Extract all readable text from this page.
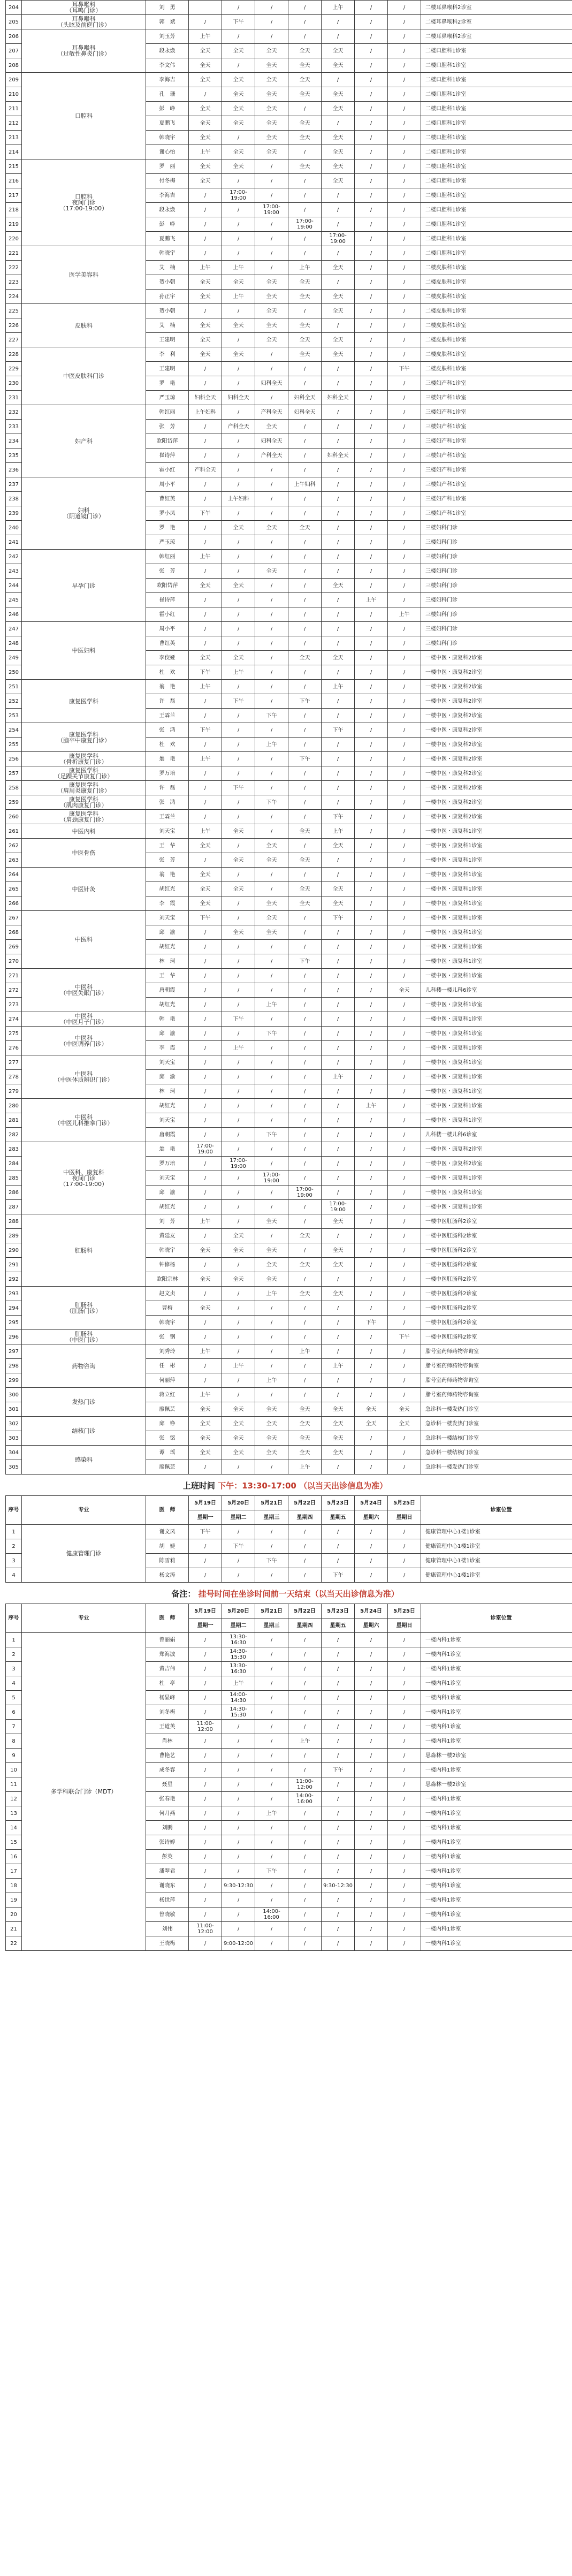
204	耳鼻喉科
（耳鸣门诊）	刘　勇		/	/	/	上午	/	/	二楼耳鼻喉科2诊室
205	耳鼻喉科
（头眩及前庭门诊）	郭　斌	/	下午	/	/	/	/	/	二楼耳鼻喉科2诊室
206	耳鼻喉科
（过敏性鼻炎门诊）	刘玉芳	上午	/	/	/	/	/	/	二楼耳鼻喉科2诊室
207		段永焕	全天	全天	全天	全天	全天	/	/	二楼口腔科1诊室
208		李文伟	全天	/	全天	全天	全天	/	/	二楼口腔科1诊室
209	口腔科	李海吉	全天	全天	全天	全天	/	/	/	二楼口腔科1诊室
210		孔　珊	/	全天	全天	全天	全天	/	/	二楼口腔科1诊室
211		彭　峥	全天	全天	全天	/	全天	/	/	二楼口腔科1诊室
212		夏鹏飞	全天	全天	全天	全天	/	/	/	二楼口腔科1诊室
213		韩晓宇	全天	/	全天	全天	全天	/	/	二楼口腔科1诊室
214		谢心怡	上午	全天	全天	/	全天	/	/	二楼口腔科1诊室
215	口腔科
夜间门诊
（17:00-19:00）	罗　丽	全天	全天	/	全天	全天	/	/	二楼口腔科1诊室
216		付冬梅	全天	/	/	/	全天	/	/	二楼口腔科1诊室
217		李海吉	/	17:00-
19:00	/	/	/	/	/	二楼口腔科1诊室
218		段永焕	/	/	17:00-
19:00	/	/	/	/	二楼口腔科1诊室
219		彭　峥	/	/	/	17:00-
19:00	/	/	/	二楼口腔科1诊室
220		夏鹏飞	/	/	/	/	17:00-
19:00	/	/	二楼口腔科1诊室
221	医学美容科	韩晓宇	/	/	/	/	/	/	/	二楼口腔科1诊室
222		艾　楠	上午	上午	/	上午	全天	/	/	二楼皮肤科1诊室
223		贺小朝	全天	全天	全天	全天	/	/	/	二楼皮肤科1诊室
224		孙正宇	全天	上午	全天	全天	全天	/	/	二楼皮肤科1诊室
225	皮肤科	贺小朝	/	/	全天	/	全天	/	/	二楼皮肤科1诊室
226		艾　楠	全天	全天	全天	全天	/	/	/	二楼皮肤科1诊室
227		王建明	全天	/	全天	全天	全天	/	/	二楼皮肤科1诊室
228	中医皮肤科门诊	李　利	全天	全天	/	全天	全天	/	/	二楼皮肤科1诊室
229		王建明	/	/	/	/	/	/	下午	二楼皮肤科1诊室
230		罗　艳	/	/	妇科全天	/	/	/	/	三楼妇产科1诊室
231		严玉琼	妇科全天	妇科全天	/	妇科全天	妇科全天	/	/	三楼妇产科1诊室
232	妇产科	韩红丽	上午妇科	/	产科全天	妇科全天	/	/	/	三楼妇产科1诊室
233		张　芳	/	产科全天	全天	/	/	/	/	三楼妇产科1诊室
234		欧阳岱萍	/	/	妇科全天	/	/	/	/	三楼妇产科1诊室
235		崔诗萍	/	/	产科全天	/	妇科全天	/	/	三楼妇产科1诊室
236		霍小红	产科全天	/	/	/	/	/	/	三楼妇产科1诊室
237	妇科
（阴道镜门诊）	周小平	/	/	/	上午妇科	/	/	/	三楼妇产科1诊室
238		曹红英	/	上午妇科	/	/	/	/	/	三楼妇产科1诊室
239		罗小凤	下午	/	/	/	/	/	/	三楼妇产科1诊室
240		罗　艳	/	全天	全天	全天	/	/	/	三楼妇科门诊
241		严玉琼	/	/	/	/	/	/	/	三楼妇科门诊
242	早孕门诊	韩红丽	上午	/	/	/	/	/	/	三楼妇科门诊
243		张　芳	/	/	全天	/	/	/	/	三楼妇科门诊
244		欧阳岱萍	全天	全天	/	/	全天	/	/	三楼妇科门诊
245		崔诗萍	/	/	/	/	/	上午	/	三楼妇科门诊
246		霍小红	/	/	/	/	/	/	上午	三楼妇科门诊
247	中医妇科	周小平	/	/	/	/	/	/	/	三楼妇科门诊
248		曹红英	/	/	/	/	/	/	/	三楼妇科门诊
249		李佼娅	全天	全天	/	全天	全天	/	/	一楼中医・康复科2诊室
250		杜　欢	下午	上午	/	/	/	/	/	一楼中医・康复科2诊室
251	康复医学科	翁　艳	上午	/	/	/	上午	/	/	一楼中医・康复科2诊室
252		许　磊	/	下午	/	下午	/	/	/	一楼中医・康复科2诊室
253		王霖兰	/	/	下午	/	/	/	/	一楼中医・康复科2诊室
254	康复医学科
（脑卒中康复门诊）	张　鸿	下午	/	/	/	下午	/	/	一楼中医・康复科2诊室
255		杜　欢	/	/	上午	/	/	/	/	一楼中医・康复科2诊室
256	康复医学科
（骨折康复门诊）	翁　艳	上午	/	/	下午	/	/	/	一楼中医・康复科2诊室
257	康复医学科
（足踝关节康复门诊）	罗万培	/	/	/	/	/	/	/	一楼中医・康复科2诊室
258	康复医学科
（肩周炎康复门诊）	许　磊	/	下午	/	/	/	/	/	一楼中医・康复科2诊室
259	康复医学科
（肌肉康复门诊）	张　鸿	/	/	下午	/	/	/	/	一楼中医・康复科2诊室
260	康复医学科
（肩颈康复门诊）	王霖兰	/	/	/	/	下午	/	/	一楼中医・康复科2诊室
261	中医内科	刘天宝	上午	全天	/	全天	上午	/	/	一楼中医・康复科1诊室
262	中医骨伤	王　华	全天	/	全天	/	全天	/	/	一楼中医・康复科1诊室
263		张　芳	/	全天	全天	全天	/	/	/	一楼中医・康复科1诊室
264	中医针灸	翁　艳	全天	/	/	/	/	/	/	一楼中医・康复科1诊室
265		胡红光	全天	全天	/	全天	全天	/	/	一楼中医・康复科1诊室
266		李　霞	全天	/	全天	全天	全天	/	/	一楼中医・康复科1诊室
267	中医科	刘天宝	下午	/	全天	/	下午	/	/	一楼中医・康复科1诊室
268		邱　渝	/	全天	全天	/	/	/	/	一楼中医・康复科1诊室
269		胡红光	/	/	/	/	/	/	/	一楼中医・康复科1诊室
270		林　珂	/	/	/	下午	/	/	/	一楼中医・康复科1诊室
271	中医科
（中医失眠门诊）	王　华	/	/	/	/	/	/	/	一楼中医・康复科1诊室
272		唐朝霞	/	/	/	/	/	/	全天	儿科楼一楼儿科6诊室
273		胡红光	/	/	上午	/	/	/	/	一楼中医・康复科1诊室
274	中医科
（中医月子门诊）	韩　艳	/	下午	/	/	/	/	/	一楼中医・康复科1诊室
275	中医科
（中医调养门诊）	邱　渝	/	/	下午	/	/	/	/	一楼中医・康复科1诊室
276		李　霞	/	上午	/	/	/	/	/	一楼中医・康复科1诊室
277	中医科
（中医体质辨识门诊）	刘天宝	/	/	/	/	/	/	/	一楼中医・康复科1诊室
278		邱　渝	/	/	/	/	上午	/	/	一楼中医・康复科1诊室
279		林　珂	/	/	/	/	/	/	/	一楼中医・康复科1诊室
280	中医科
（中医儿科推拿门诊）	胡红光	/	/	/	/	/	上午	/	一楼中医・康复科1诊室
281		刘天宝	/	/	/	/	/	/	/	一楼中医・康复科1诊室
282		唐朝霞	/	/	下午	/	/	/	/	儿科楼一楼儿科6诊室
283	中医科、康复科
夜间门诊
（17:00-19:00）	翁　艳	17:00-
19:00	/	/	/	/	/	/	一楼中医・康复科2诊室
284		罗万培	/	17:00-
19:00	/	/	/	/	/	一楼中医・康复科2诊室
285		刘天宝	/	/	17:00-
19:00	/	/	/	/	一楼中医・康复科1诊室
286		邱　渝	/	/	/	17:00-
19:00	/	/	/	一楼中医・康复科1诊室
287		胡红光	/	/	/	/	17:00-
19:00	/	/	一楼中医・康复科1诊室
288	肛肠科	刘　芳	上午	/	全天	/	全天	/	/	一楼中医肛肠科2诊室
289		黄廷友	/	全天	/	全天	/	/	/	一楼中医肛肠科2诊室
290		韩晓宇	全天	全天	全天	/	全天	/	/	一楼中医肛肠科2诊室
291		钟修杨	/	/	全天	全天	全天	/	/	一楼中医肛肠科2诊室
292		欧阳宗林	全天	全天	全天	/	/	/	/	一楼中医肛肠科2诊室
293	肛肠科
（肛肠门诊）	赵文贞	/	/	上午	全天	全天	/	/	一楼中医肛肠科2诊室
294		曹梅	全天	/	/	/	/	/	/	一楼中医肛肠科2诊室
295		韩晓宇	/	/	/	/	/	下午	/	一楼中医肛肠科2诊室
296	肛肠科
（中医门诊）	张　钢	/	/	/	/	/	/	下午	一楼中医肛肠科2诊室
297	药物咨询	刘秀玲	上午	/	/	上午	/	/	/	脂号室药师药物咨询室
298		任　彬	/	上午	/	/	上午	/	/	脂号室药师药物咨询室
299		何丽萍	/	/	上午	/	/	/	/	脂号室药师药物咨询室
300	发热门诊	蒋立红	上午	/	/	/	/	/	/	脂号室药师药物咨询室
301		廖佩芸	全天	全天	全天	全天	全天	全天	全天	急诊科一楼发热门诊室
302	结核门诊	邱　铮	全天	全天	全天	全天	全天	全天	全天	急诊科一楼发热门诊室
303		张　铭	全天	全天	全天	全天	全天	/	/	急诊科一楼结核门诊室
304	感染科	谭　瑶	全天	全天	全天	全天	全天	/	/	急诊科一楼结核门诊室
305		廖佩芸	/	/	/	上午	/	/	/	急诊科一楼发热门诊室
上班时间 下午：13:30-17:00 （以当天出诊信息为准）
序号	专业	医　师	5月19日	5月20日	5月21日	5月22日	5月23日	5月24日	5月25日	诊室位置
			星期一	星期二	星期三	星期四	星期五	星期六	星期日	
1	健康管理门诊	谢文凤	下午	/	/	/	/	/	/	健康管理中心1楼1诊室
2		胡　婕	/	下午	/	/	/	/	/	健康管理中心1楼1诊室
3		陈雪莉	/	/	下午	/	/	/	/	健康管理中心1楼1诊室
4		杨文涛	/	/	/	/	下午	/	/	健康管理中心1楼1诊室
备注： 挂号时间在坐诊时间前一天结束（以当天出诊信息为准）
序号	专业	医　师	5月19日	5月20日	5月21日	5月22日	5月23日	5月24日	5月25日	诊室位置
			星期一	星期二	星期三	星期四	星期五	星期六	星期日	
1	多学科联合门诊（MDT）	曾丽娟	/	13:30-
16:30	/	/	/	/	/	一楼内科1诊室
2		郑海波	/	14:30-
15:30	/	/	/	/	/	一楼内科1诊室
3		黄吉伟	/	13:30-
16:30	/	/	/	/	/	一楼内科1诊室
4		杜　亭	/	上午	/	/	/	/	/	一楼内科1诊室
5		杨显峰	/	14:00-
14:30	/	/	/	/	/	一楼内科1诊室
6		刘冬梅	/	14:30-
15:30	/	/	/	/	/	一楼内科1诊室
7		王道英	11:00-
12:00	/	/	/	/	/	/	一楼内科1诊室
8		肖林	/	/	/	上午	/	/	/	一楼内科1诊室
9		曹艳艺	/	/	/	/	/	/	/	思淼林一楼2诊室
10		成冬容	/	/	/	/	下午	/	/	一楼内科1诊室
11		聂星	/	/	/	11:00-
12:00	/	/	/	思淼林一楼2诊室
12		张春艳	/	/	/	14:00-
16:00	/	/	/	一楼内科1诊室
13		何月燕	/	/	上午	/	/	/	/	一楼内科1诊室
14		刘鹏	/	/	/	/	/	/	/	一楼内科1诊室
15		张诗婷	/	/	/	/	/	/	/	一楼内科1诊室
16		彭英	/	/	/	/	/	/	/	一楼内科1诊室
17		潘翠君	/	/	下午	/	/	/	/	一楼内科1诊室
18		谢晓东	/	9:30-12:30	/	/	9:30-12:30	/	/	一楼内科1诊室
19		杨世萍	/	/	/	/	/	/	/	一楼内科1诊室
20		曾晓敏	/	/	14:00-
16:00	/	/	/	/	一楼内科1诊室
21		刘伟	11:00-
12:00	/	/	/	/	/	/	一楼内科1诊室
22		王晓梅	/	9:00-12:00	/	/	/	/	/	一楼内科1诊室
